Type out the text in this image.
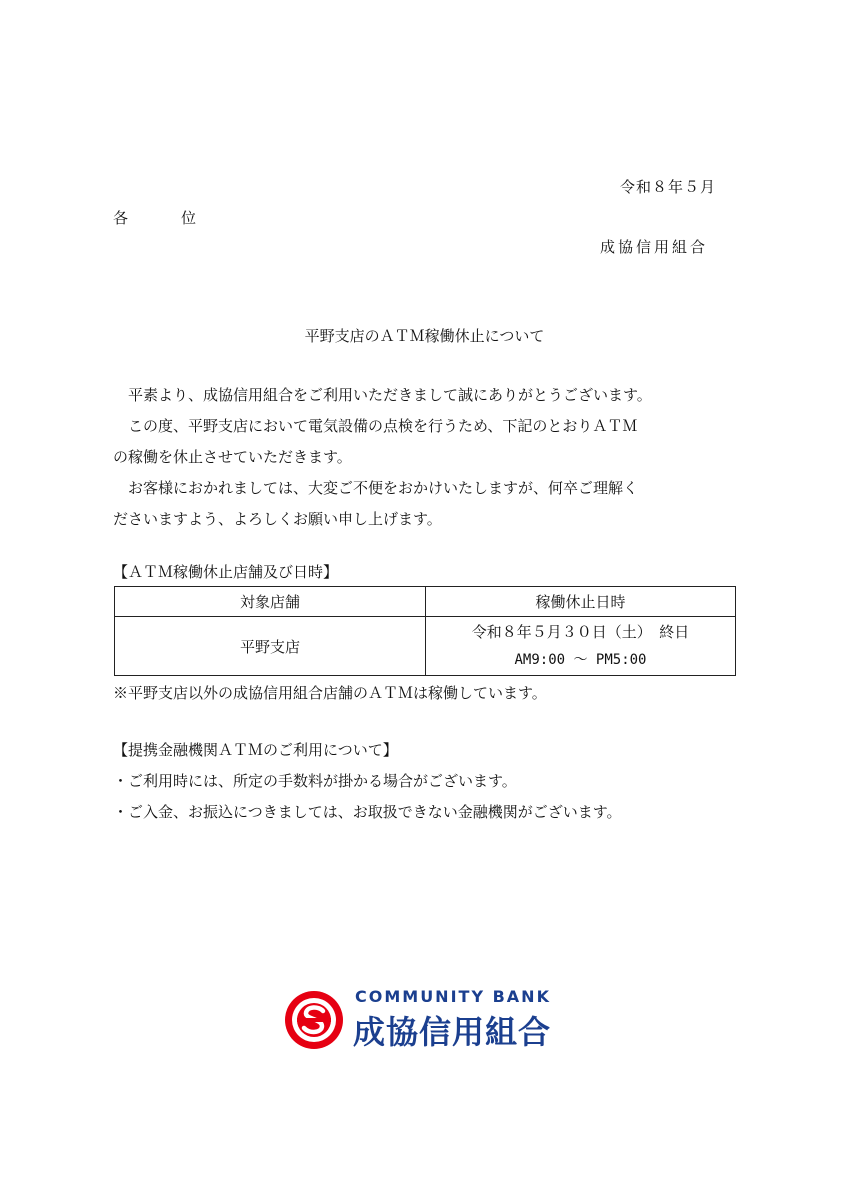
令和８年５月
各	位
成協信用組合
平野支店のＡＴＭ稼働休止について

　平素より、成協信用組合をご利用いただきまして誠にありがとうございます。

　この度、平野支店において電気設備の点検を行うため、下記のとおりＡＴＭ

の稼働を休止させていただきます。

　お客様におかれましては、大変ご不便をおかけいたしますが、何卒ご理解く

ださいますよう、よろしくお願い申し上げます。

【ＡＴＭ稼働休止店舗及び日時】
対象店舗	稼働休止日時
平野支店	令和８年５月３０日（土）　終日
AM9:00 ～ PM5:00
※平野支店以外の成協信用組合店舗のＡＴＭは稼働しています。
【提携金融機関ＡＴＭのご利用について】
・ご利用時には、所定の手数料が掛かる場合がございます。
・ご入金、お振込につきましては、お取扱できない金融機関がございます。
COMMUNITY BANK
成協信用組合
